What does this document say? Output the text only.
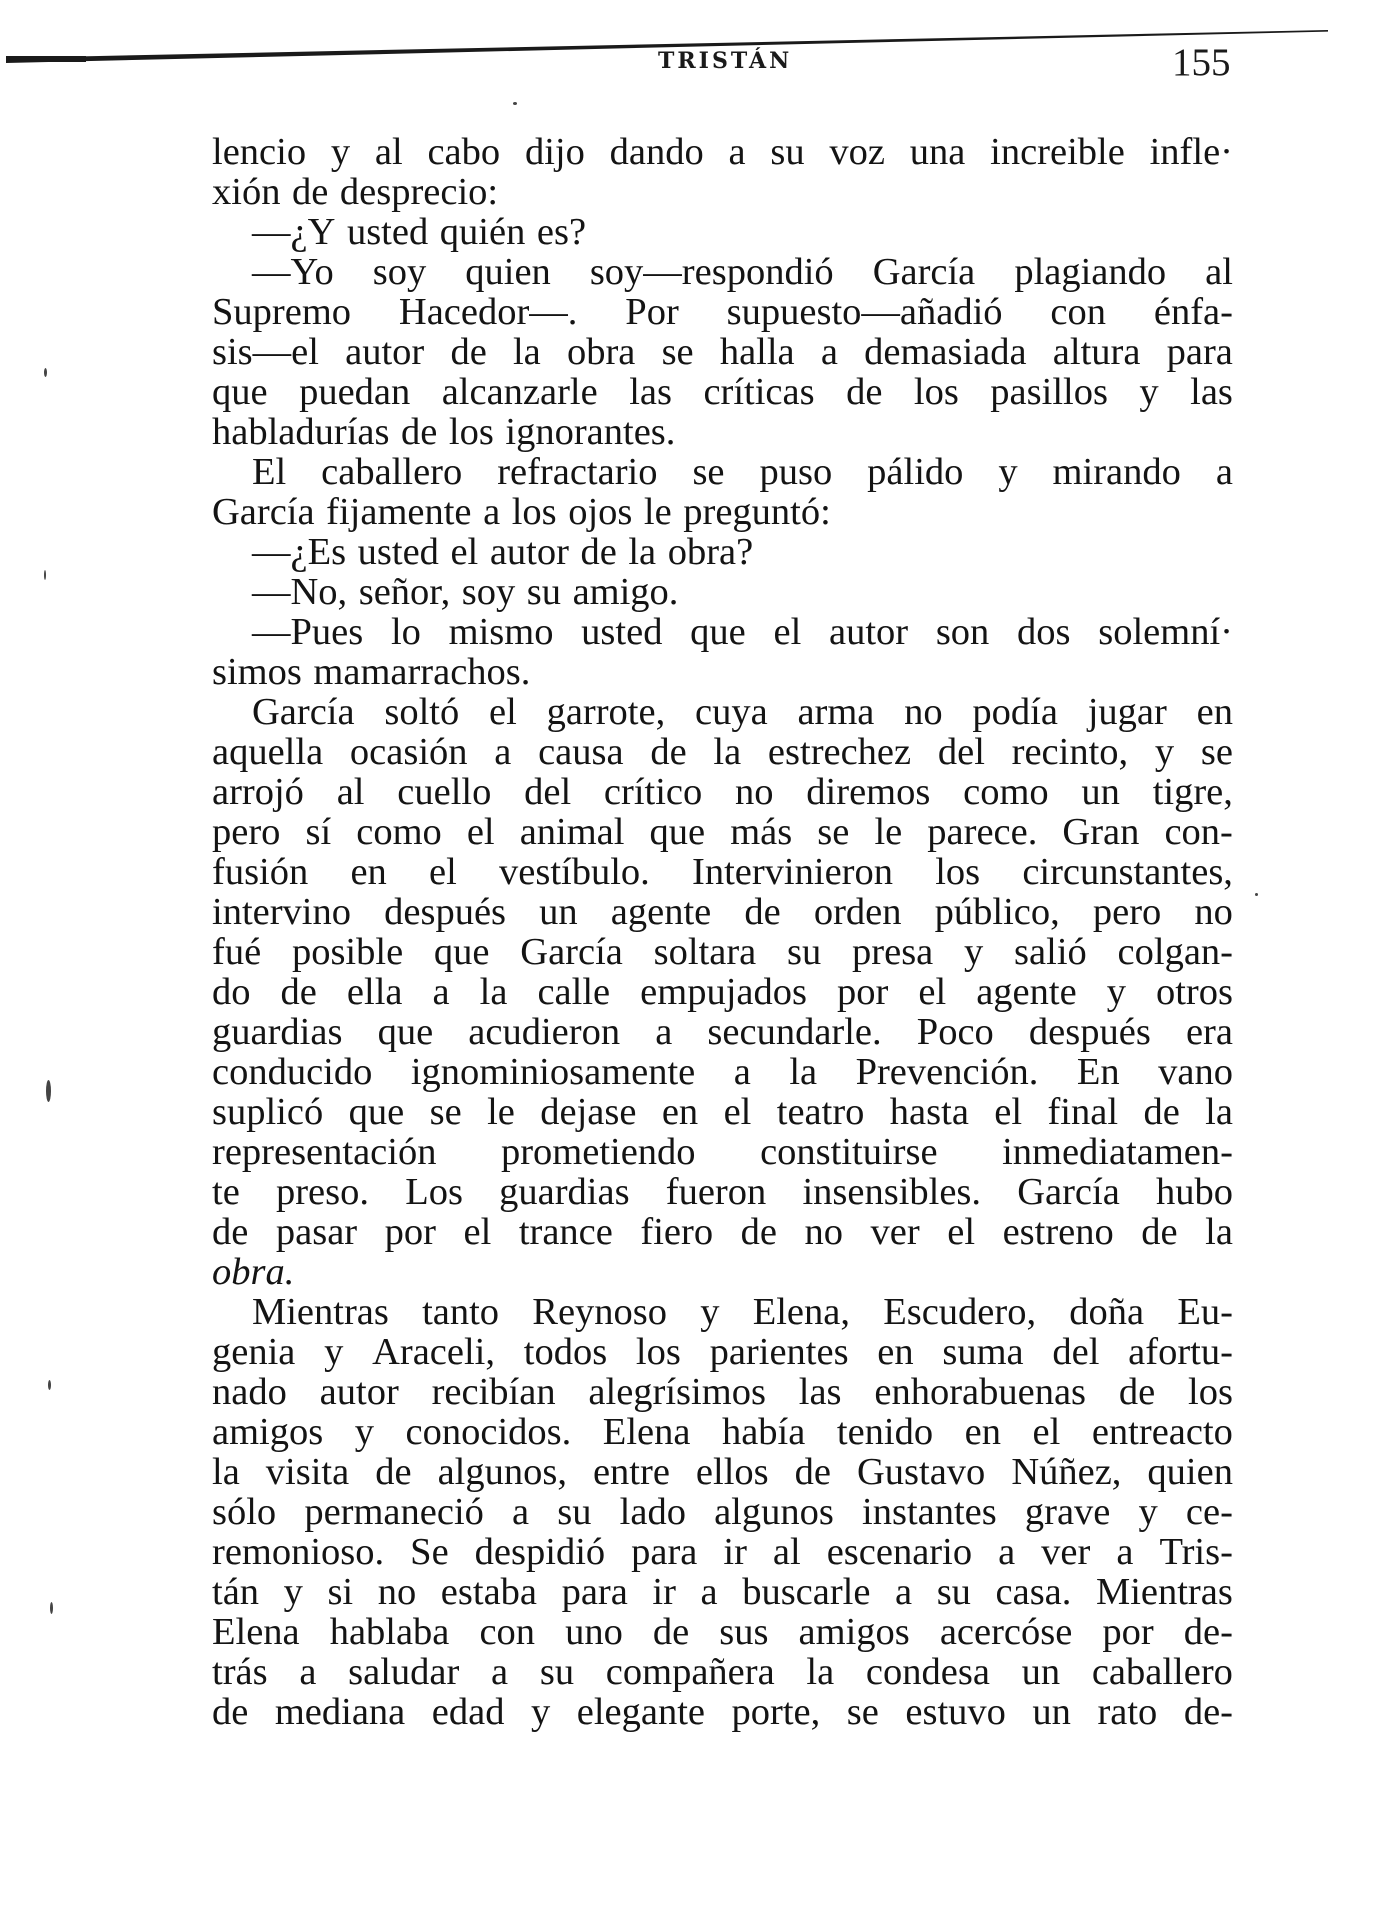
TRISTÁN	155

lencio y al cabo dijo dando a su voz una increible infle·

xión de desprecio:

—¿Y usted quién es?

—Yo soy quien soy—respondió García plagiando al

Supremo Hacedor—. Por supuesto—añadió con énfa-

sis—el autor de la obra se halla a demasiada altura para

que puedan alcanzarle las críticas de los pasillos y las

habladurías de los ignorantes.

El caballero refractario se puso pálido y mirando a

García fijamente a los ojos le preguntó:

—¿Es usted el autor de la obra?

—No, señor, soy su amigo.

—Pues lo mismo usted que el autor son dos solemní·

simos mamarrachos.

García soltó el garrote, cuya arma no podía jugar en

aquella ocasión a causa de la estrechez del recinto, y se

arrojó al cuello del crítico no diremos como un tigre,

pero sí como el animal que más se le parece. Gran con-

fusión en el vestíbulo. Intervinieron los circunstantes,

intervino después un agente de orden público, pero no

fué posible que García soltara su presa y salió colgan-

do de ella a la calle empujados por el agente y otros

guardias que acudieron a secundarle. Poco después era

conducido ignominiosamente a la Prevención. En vano

suplicó que se le dejase en el teatro hasta el final de la

representación prometiendo constituirse inmediatamen-

te preso. Los guardias fueron insensibles. García hubo

de pasar por el trance fiero de no ver el estreno de la

obra.

Mientras tanto Reynoso y Elena, Escudero, doña Eu-

genia y Araceli, todos los parientes en suma del afortu-

nado autor recibían alegrísimos las enhorabuenas de los

amigos y conocidos. Elena había tenido en el entreacto

la visita de algunos, entre ellos de Gustavo Núñez, quien

sólo permaneció a su lado algunos instantes grave y ce-

remonioso. Se despidió para ir al escenario a ver a Tris-

tán y si no estaba para ir a buscarle a su casa. Mientras

Elena hablaba con uno de sus amigos acercóse por de-

trás a saludar a su compañera la condesa un caballero

de mediana edad y elegante porte, se estuvo un rato de-
